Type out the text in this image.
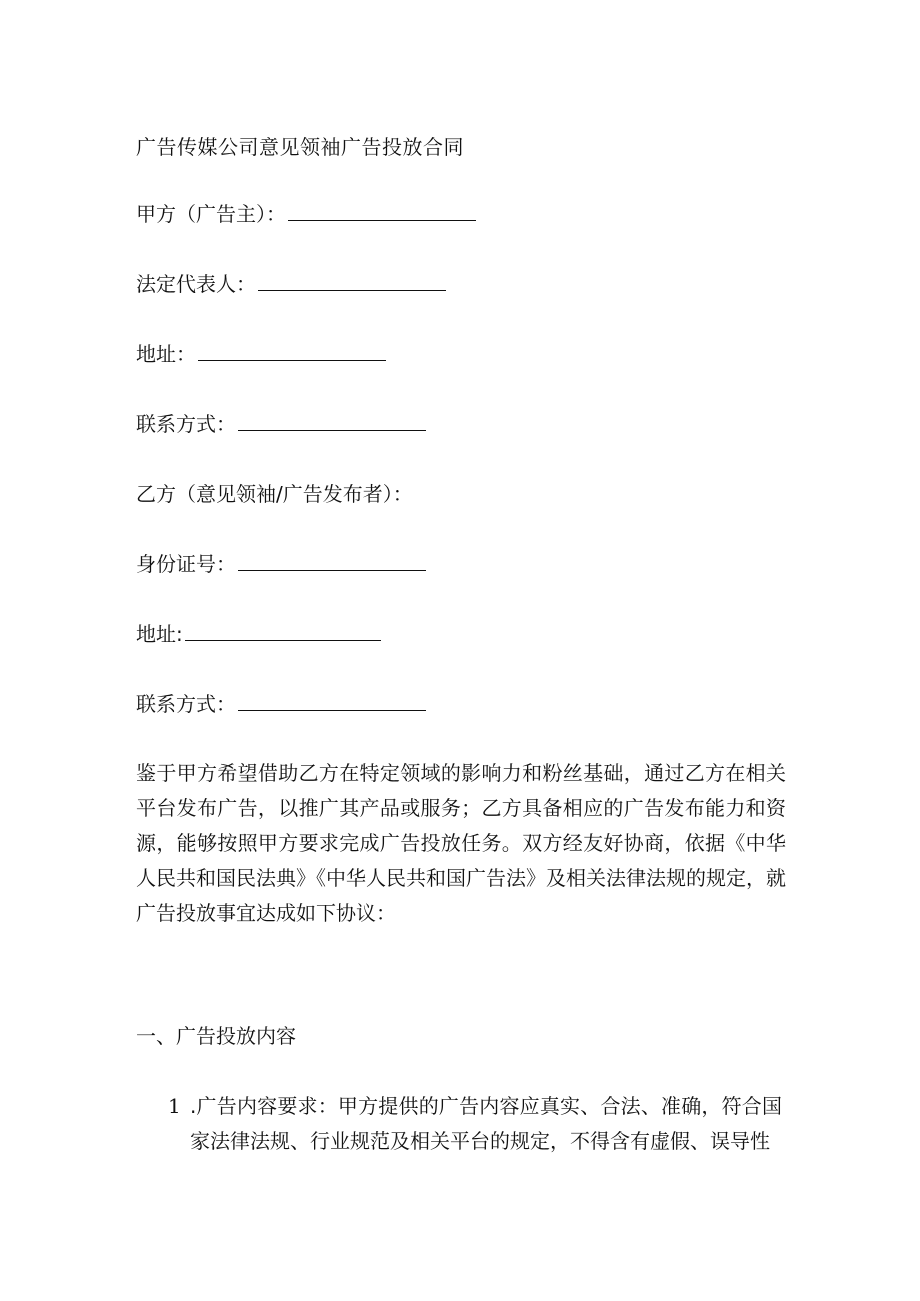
广告传媒公司意见领袖广告投放合同
甲方（广告主）：
法定代表人：
地址：
联系方式：
乙方（意见领袖/广告发布者）：
身份证号：
地址:
联系方式：
鉴于甲方希望借助乙方在特定领域的影响力和粉丝基础，通过乙方在相关平台发布广告，以推广其产品或服务；乙方具备相应的广告发布能力和资源，能够按照甲方要求完成广告投放任务。双方经友好协商，依据《中华人民共和国民法典》《中华人民共和国广告法》及相关法律法规的规定，就广告投放事宜达成如下协议：
一、广告投放内容
1 .广告内容要求：甲方提供的广告内容应真实、合法、准确，符合国家法律法规、行业规范及相关平台的规定，不得含有虚假、误导性
